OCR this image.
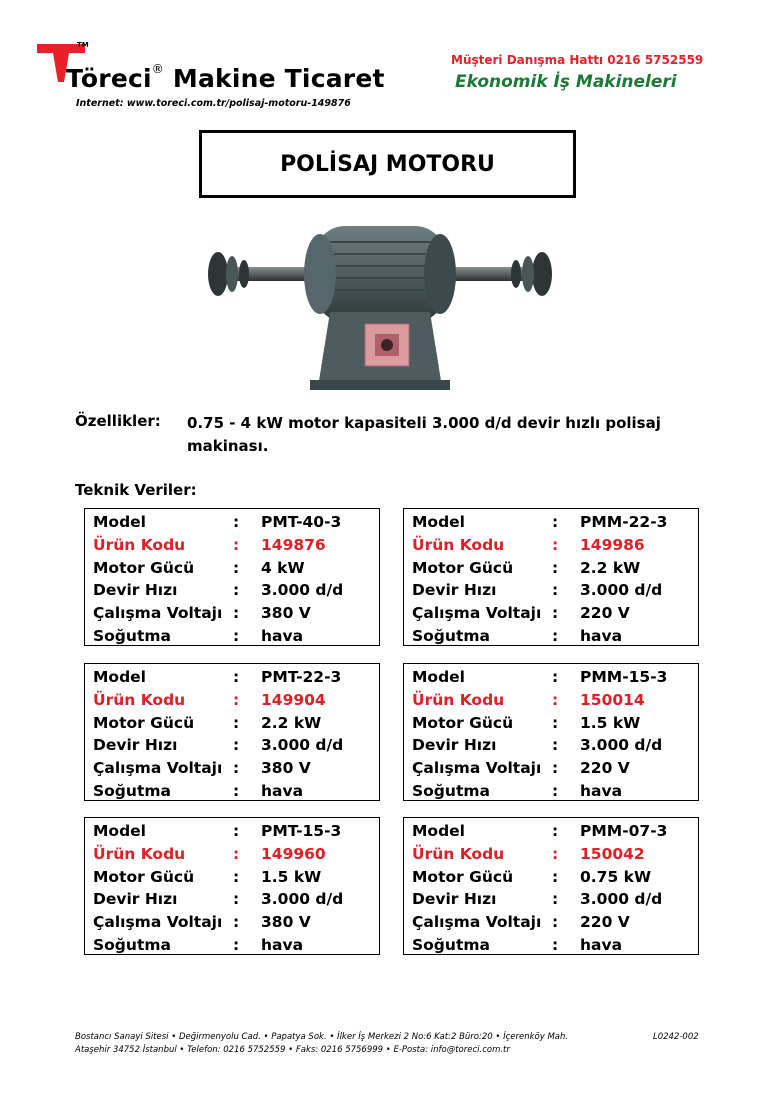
TM
Töreci® Makine Ticaret
Internet: www.toreci.com.tr/polisaj-motoru-149876
Müşteri Danışma Hattı 0216 5752559
Ekonomik İş Makineleri
POLİSAJ MOTORU
Özellikler: 0.75 - 4 kW motor kapasiteli 3.000 d/d devir hızlı polisaj makinası.
Teknik Veriler:
Model	:	PMT-40-3
Ürün Kodu	:	149876
Motor Gücü	:	4 kW
Devir Hızı	:	3.000 d/d
Çalışma Voltajı :	380 V
Soğutma	:	hava
Model	:	PMM-22-3
Ürün Kodu	:	149986
Motor Gücü	:	2.2 kW
Devir Hızı	:	3.000 d/d
Çalışma Voltajı :	220 V
Soğutma	:	hava
Model	:	PMT-22-3
Ürün Kodu	:	149904
Motor Gücü	:	2.2 kW
Devir Hızı	:	3.000 d/d
Çalışma Voltajı :	380 V
Soğutma	:	hava
Model	:	PMM-15-3
Ürün Kodu	:	150014
Motor Gücü	:	1.5 kW
Devir Hızı	:	3.000 d/d
Çalışma Voltajı :	220 V
Soğutma	:	hava
Model	:	PMT-15-3
Ürün Kodu	:	149960
Motor Gücü	:	1.5 kW
Devir Hızı	:	3.000 d/d
Çalışma Voltajı :	380 V
Soğutma	:	hava
Model	:	PMM-07-3
Ürün Kodu	:	150042
Motor Gücü	:	0.75 kW
Devir Hızı	:	3.000 d/d
Çalışma Voltajı :	220 V
Soğutma	:	hava
Bostancı Sanayi Sitesi • Değirmenyolu Cad. • Papatya Sok. • İlker İş Merkezi 2 No:6 Kat:2 Büro:20 • İçerenköy Mah.
Ataşehir 34752 İstanbul • Telefon: 0216 5752559 • Faks: 0216 5756999 • E-Posta: info@toreci.com.tr
L0242-002
